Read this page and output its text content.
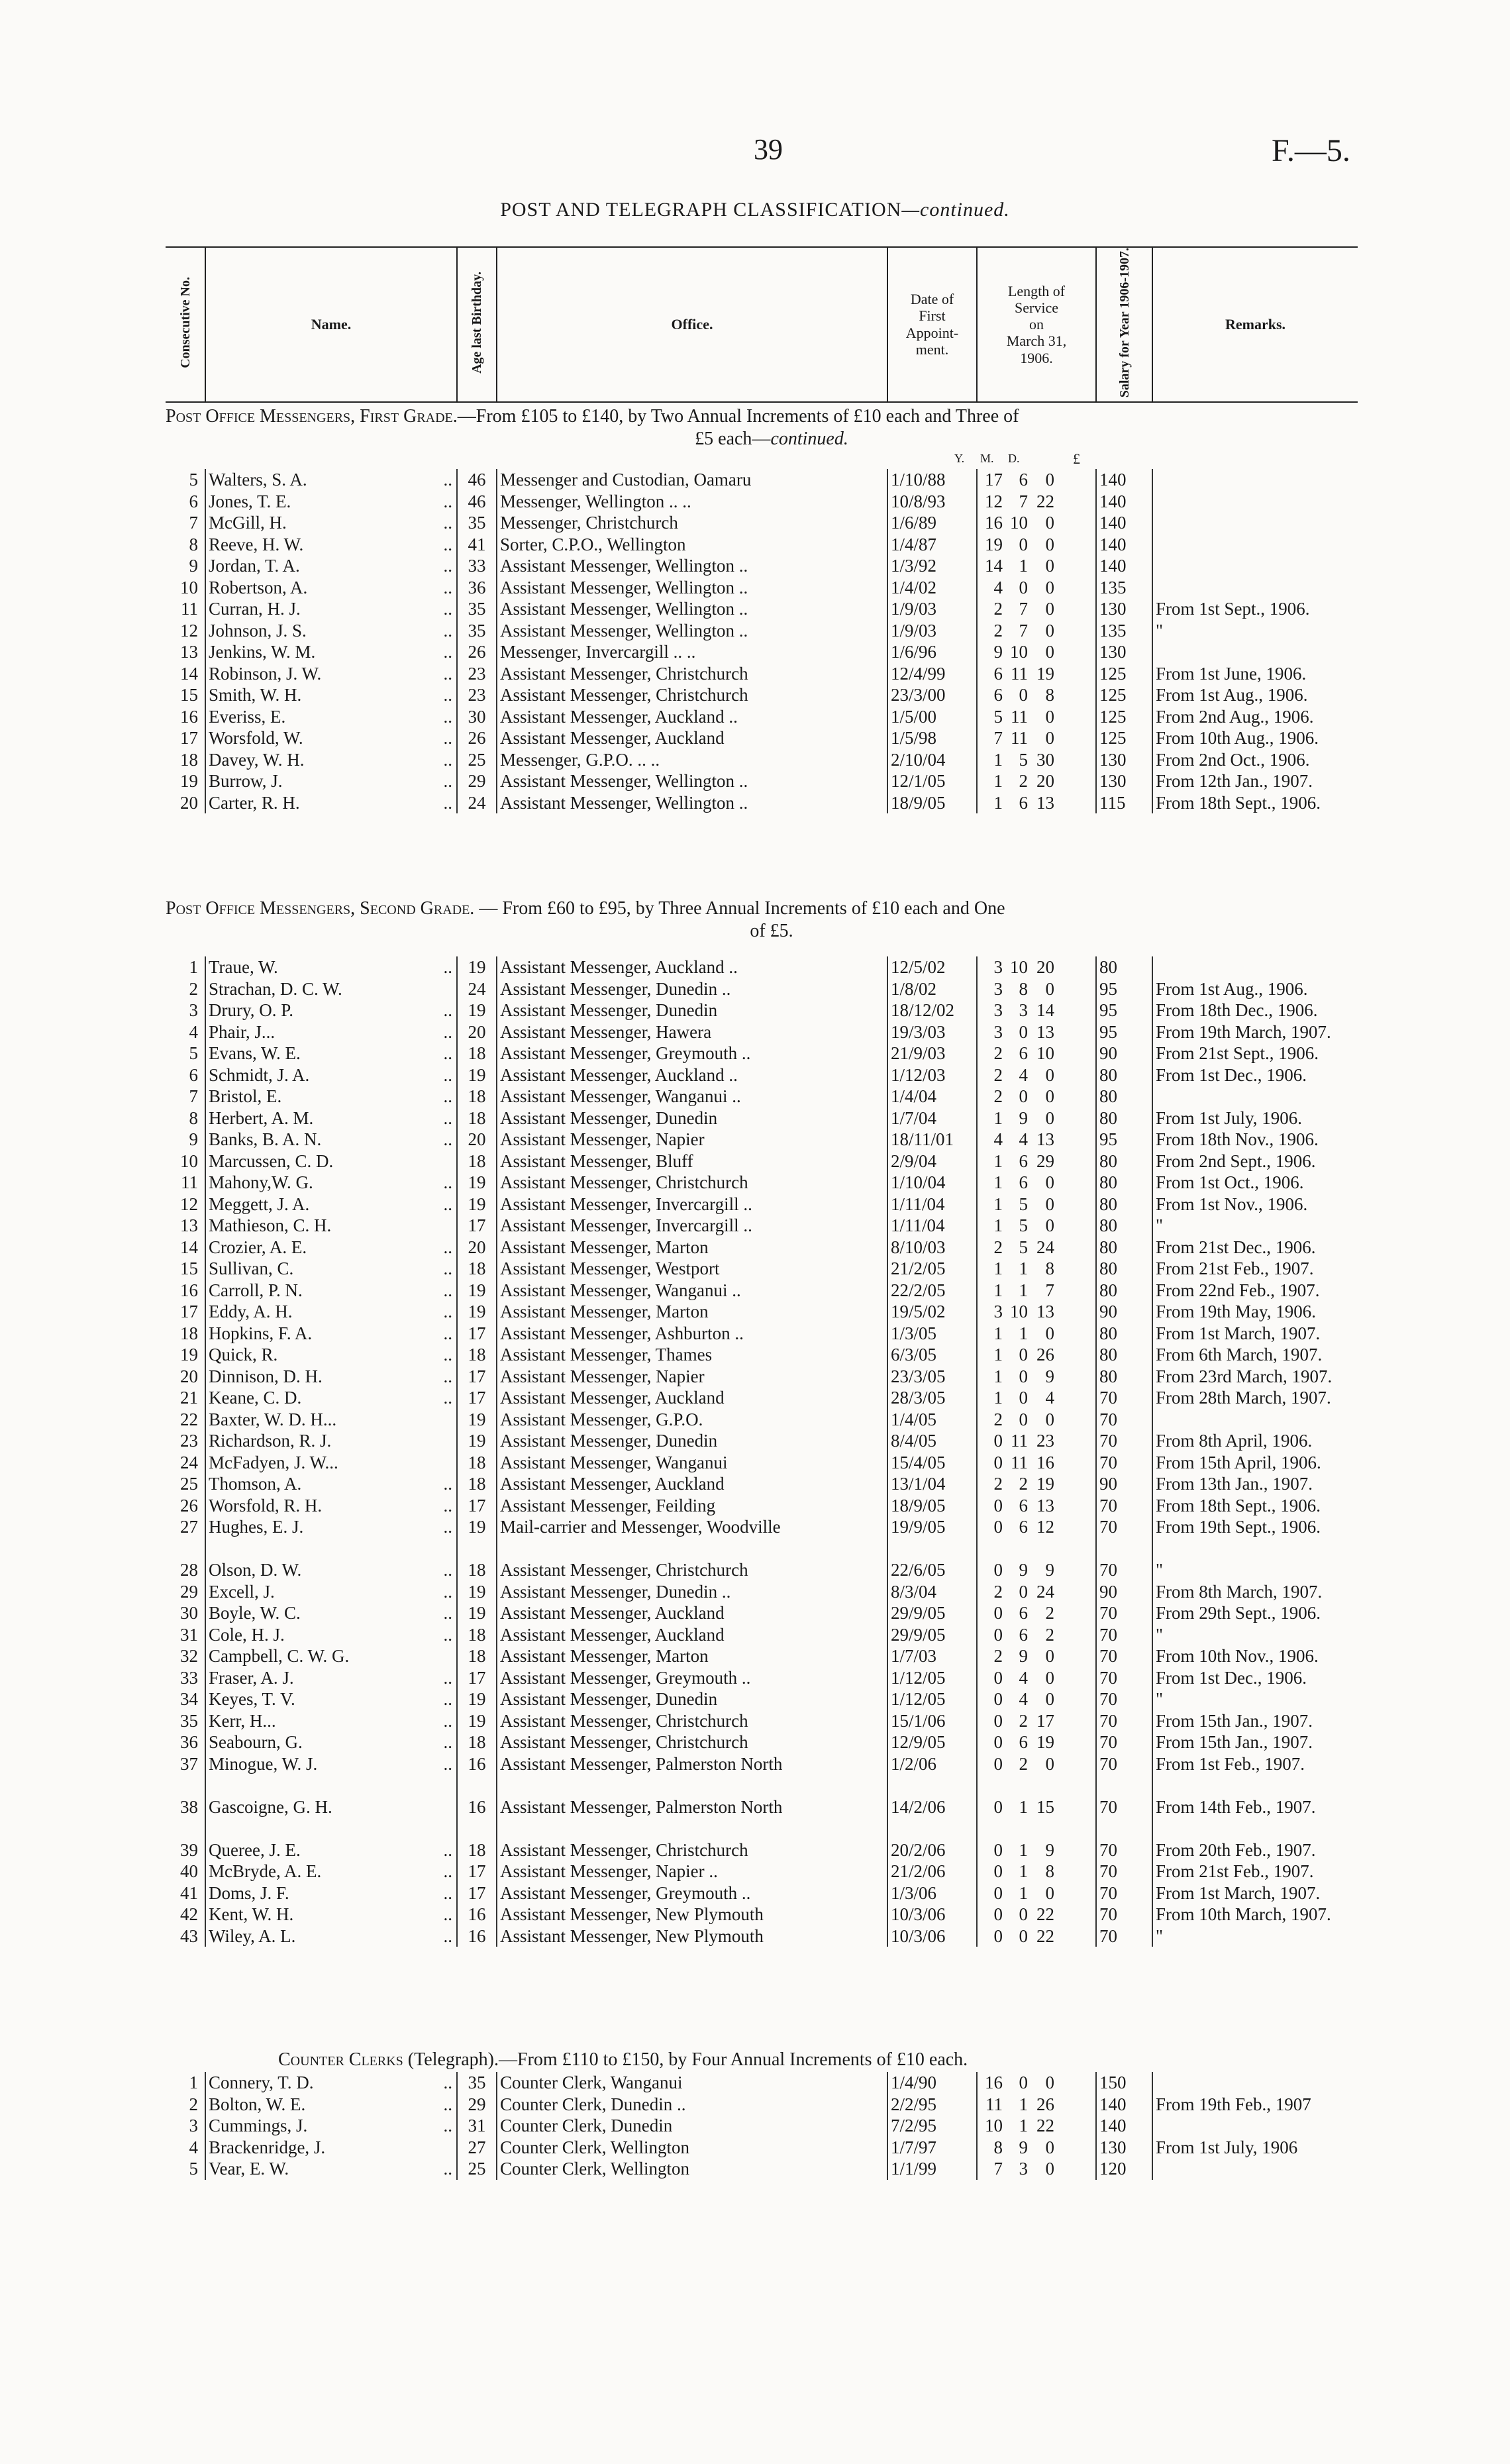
39	F.—5.
POST AND TELEGRAPH CLASSIFICATION—continued.
Consecutive No.	Name.	Age last Birthday.	Office.	Date of
First
Appoint-
ment.	Length of
Service
on
March 31,
1906.	Salary for Year 1906-1907.	Remarks.
Post Office Messengers, First Grade.—From £105 to £140, by Two Annual Increments of £10 each and Three of
£5 each—continued.
Y. M. D.	£
5	Walters, S. A. ..	46	Messenger and Custodian, Oamaru	1/10/88	17 6 0	140	
6	Jones, T. E. ..	46	Messenger, Wellington .. ..	10/8/93	12 7 22	140	
7	McGill, H. ..	35	Messenger, Christchurch	1/6/89	16 10 0	140	
8	Reeve, H. W. ..	41	Sorter, C.P.O., Wellington	1/4/87	19 0 0	140	
9	Jordan, T. A. ..	33	Assistant Messenger, Wellington ..	1/3/92	14 1 0	140	
10	Robertson, A. ..	36	Assistant Messenger, Wellington ..	1/4/02	4 0 0	135	
11	Curran, H. J. ..	35	Assistant Messenger, Wellington ..	1/9/03	2 7 0	130	From 1st Sept., 1906.
12	Johnson, J. S. ..	35	Assistant Messenger, Wellington ..	1/9/03	2 7 0	135	"
13	Jenkins, W. M. ..	26	Messenger, Invercargill .. ..	1/6/96	9 10 0	130	
14	Robinson, J. W. ..	23	Assistant Messenger, Christchurch	12/4/99	6 11 19	125	From 1st June, 1906.
15	Smith, W. H. ..	23	Assistant Messenger, Christchurch	23/3/00	6 0 8	125	From 1st Aug., 1906.
16	Everiss, E. ..	30	Assistant Messenger, Auckland ..	1/5/00	5 11 0	125	From 2nd Aug., 1906.
17	Worsfold, W. ..	26	Assistant Messenger, Auckland	1/5/98	7 11 0	125	From 10th Aug., 1906.
18	Davey, W. H. ..	25	Messenger, G.P.O. .. ..	2/10/04	1 5 30	130	From 2nd Oct., 1906.
19	Burrow, J. ..	29	Assistant Messenger, Wellington ..	12/1/05	1 2 20	130	From 12th Jan., 1907.
20	Carter, R. H. ..	24	Assistant Messenger, Wellington ..	18/9/05	1 6 13	115	From 18th Sept., 1906.
Post Office Messengers, Second Grade. — From £60 to £95, by Three Annual Increments of £10 each and One
of £5.
1	Traue, W. ..	19	Assistant Messenger, Auckland ..	12/5/02	3 10 20	80	
2	Strachan, D. C. W.	24	Assistant Messenger, Dunedin ..	1/8/02	3 8 0	95	From 1st Aug., 1906.
3	Drury, O. P. ..	19	Assistant Messenger, Dunedin	18/12/02	3 3 14	95	From 18th Dec., 1906.
4	Phair, J... ..	20	Assistant Messenger, Hawera	19/3/03	3 0 13	95	From 19th March, 1907.
5	Evans, W. E. ..	18	Assistant Messenger, Greymouth ..	21/9/03	2 6 10	90	From 21st Sept., 1906.
6	Schmidt, J. A. ..	19	Assistant Messenger, Auckland ..	1/12/03	2 4 0	80	From 1st Dec., 1906.
7	Bristol, E. ..	18	Assistant Messenger, Wanganui ..	1/4/04	2 0 0	80	
8	Herbert, A. M. ..	18	Assistant Messenger, Dunedin	1/7/04	1 9 0	80	From 1st July, 1906.
9	Banks, B. A. N. ..	20	Assistant Messenger, Napier	18/11/01	4 4 13	95	From 18th Nov., 1906.
10	Marcussen, C. D.	18	Assistant Messenger, Bluff	2/9/04	1 6 29	80	From 2nd Sept., 1906.
11	Mahony,W. G. ..	19	Assistant Messenger, Christchurch	1/10/04	1 6 0	80	From 1st Oct., 1906.
12	Meggett, J. A. ..	19	Assistant Messenger, Invercargill ..	1/11/04	1 5 0	80	From 1st Nov., 1906.
13	Mathieson, C. H.	17	Assistant Messenger, Invercargill ..	1/11/04	1 5 0	80	"
14	Crozier, A. E. ..	20	Assistant Messenger, Marton	8/10/03	2 5 24	80	From 21st Dec., 1906.
15	Sullivan, C. ..	18	Assistant Messenger, Westport	21/2/05	1 1 8	80	From 21st Feb., 1907.
16	Carroll, P. N. ..	19	Assistant Messenger, Wanganui ..	22/2/05	1 1 7	80	From 22nd Feb., 1907.
17	Eddy, A. H. ..	19	Assistant Messenger, Marton	19/5/02	3 10 13	90	From 19th May, 1906.
18	Hopkins, F. A. ..	17	Assistant Messenger, Ashburton ..	1/3/05	1 1 0	80	From 1st March, 1907.
19	Quick, R. ..	18	Assistant Messenger, Thames	6/3/05	1 0 26	80	From 6th March, 1907.
20	Dinnison, D. H. ..	17	Assistant Messenger, Napier	23/3/05	1 0 9	80	From 23rd March, 1907.
21	Keane, C. D. ..	17	Assistant Messenger, Auckland	28/3/05	1 0 4	70	From 28th March, 1907.
22	Baxter, W. D. H...	19	Assistant Messenger, G.P.O.	1/4/05	2 0 0	70	
23	Richardson, R. J.	19	Assistant Messenger, Dunedin	8/4/05	0 11 23	70	From 8th April, 1906.
24	McFadyen, J. W...	18	Assistant Messenger, Wanganui	15/4/05	0 11 16	70	From 15th April, 1906.
25	Thomson, A. ..	18	Assistant Messenger, Auckland	13/1/04	2 2 19	90	From 13th Jan., 1907.
26	Worsfold, R. H. ..	17	Assistant Messenger, Feilding	18/9/05	0 6 13	70	From 18th Sept., 1906.
27	Hughes, E. J. ..	19	Mail-carrier and Messenger, Woodville	19/9/05	0 6 12	70	From 19th Sept., 1906.
28	Olson, D. W. ..	18	Assistant Messenger, Christchurch	22/6/05	0 9 9	70	"
29	Excell, J. ..	19	Assistant Messenger, Dunedin ..	8/3/04	2 0 24	90	From 8th March, 1907.
30	Boyle, W. C. ..	19	Assistant Messenger, Auckland	29/9/05	0 6 2	70	From 29th Sept., 1906.
31	Cole, H. J. ..	18	Assistant Messenger, Auckland	29/9/05	0 6 2	70	"
32	Campbell, C. W. G.	18	Assistant Messenger, Marton	1/7/03	2 9 0	70	From 10th Nov., 1906.
33	Fraser, A. J. ..	17	Assistant Messenger, Greymouth ..	1/12/05	0 4 0	70	From 1st Dec., 1906.
34	Keyes, T. V. ..	19	Assistant Messenger, Dunedin	1/12/05	0 4 0	70	"
35	Kerr, H... ..	19	Assistant Messenger, Christchurch	15/1/06	0 2 17	70	From 15th Jan., 1907.
36	Seabourn, G. ..	18	Assistant Messenger, Christchurch	12/9/05	0 6 19	70	From 15th Jan., 1907.
37	Minogue, W. J. ..	16	Assistant Messenger, Palmerston North	1/2/06	0 2 0	70	From 1st Feb., 1907.
38	Gascoigne, G. H.	16	Assistant Messenger, Palmerston North	14/2/06	0 1 15	70	From 14th Feb., 1907.
39	Queree, J. E. ..	18	Assistant Messenger, Christchurch	20/2/06	0 1 9	70	From 20th Feb., 1907.
40	McBryde, A. E. ..	17	Assistant Messenger, Napier ..	21/2/06	0 1 8	70	From 21st Feb., 1907.
41	Doms, J. F. ..	17	Assistant Messenger, Greymouth ..	1/3/06	0 1 0	70	From 1st March, 1907.
42	Kent, W. H. ..	16	Assistant Messenger, New Plymouth	10/3/06	0 0 22	70	From 10th March, 1907.
43	Wiley, A. L. ..	16	Assistant Messenger, New Plymouth	10/3/06	0 0 22	70	"
Counter Clerks (Telegraph).—From £110 to £150, by Four Annual Increments of £10 each.
1	Connery, T. D. ..	35	Counter Clerk, Wanganui	1/4/90	16 0 0	150	
2	Bolton, W. E. ..	29	Counter Clerk, Dunedin ..	2/2/95	11 1 26	140	From 19th Feb., 1907
3	Cummings, J. ..	31	Counter Clerk, Dunedin	7/2/95	10 1 22	140	
4	Brackenridge, J.	27	Counter Clerk, Wellington	1/7/97	8 9 0	130	From 1st July, 1906
5	Vear, E. W. ..	25	Counter Clerk, Wellington	1/1/99	7 3 0	120	
